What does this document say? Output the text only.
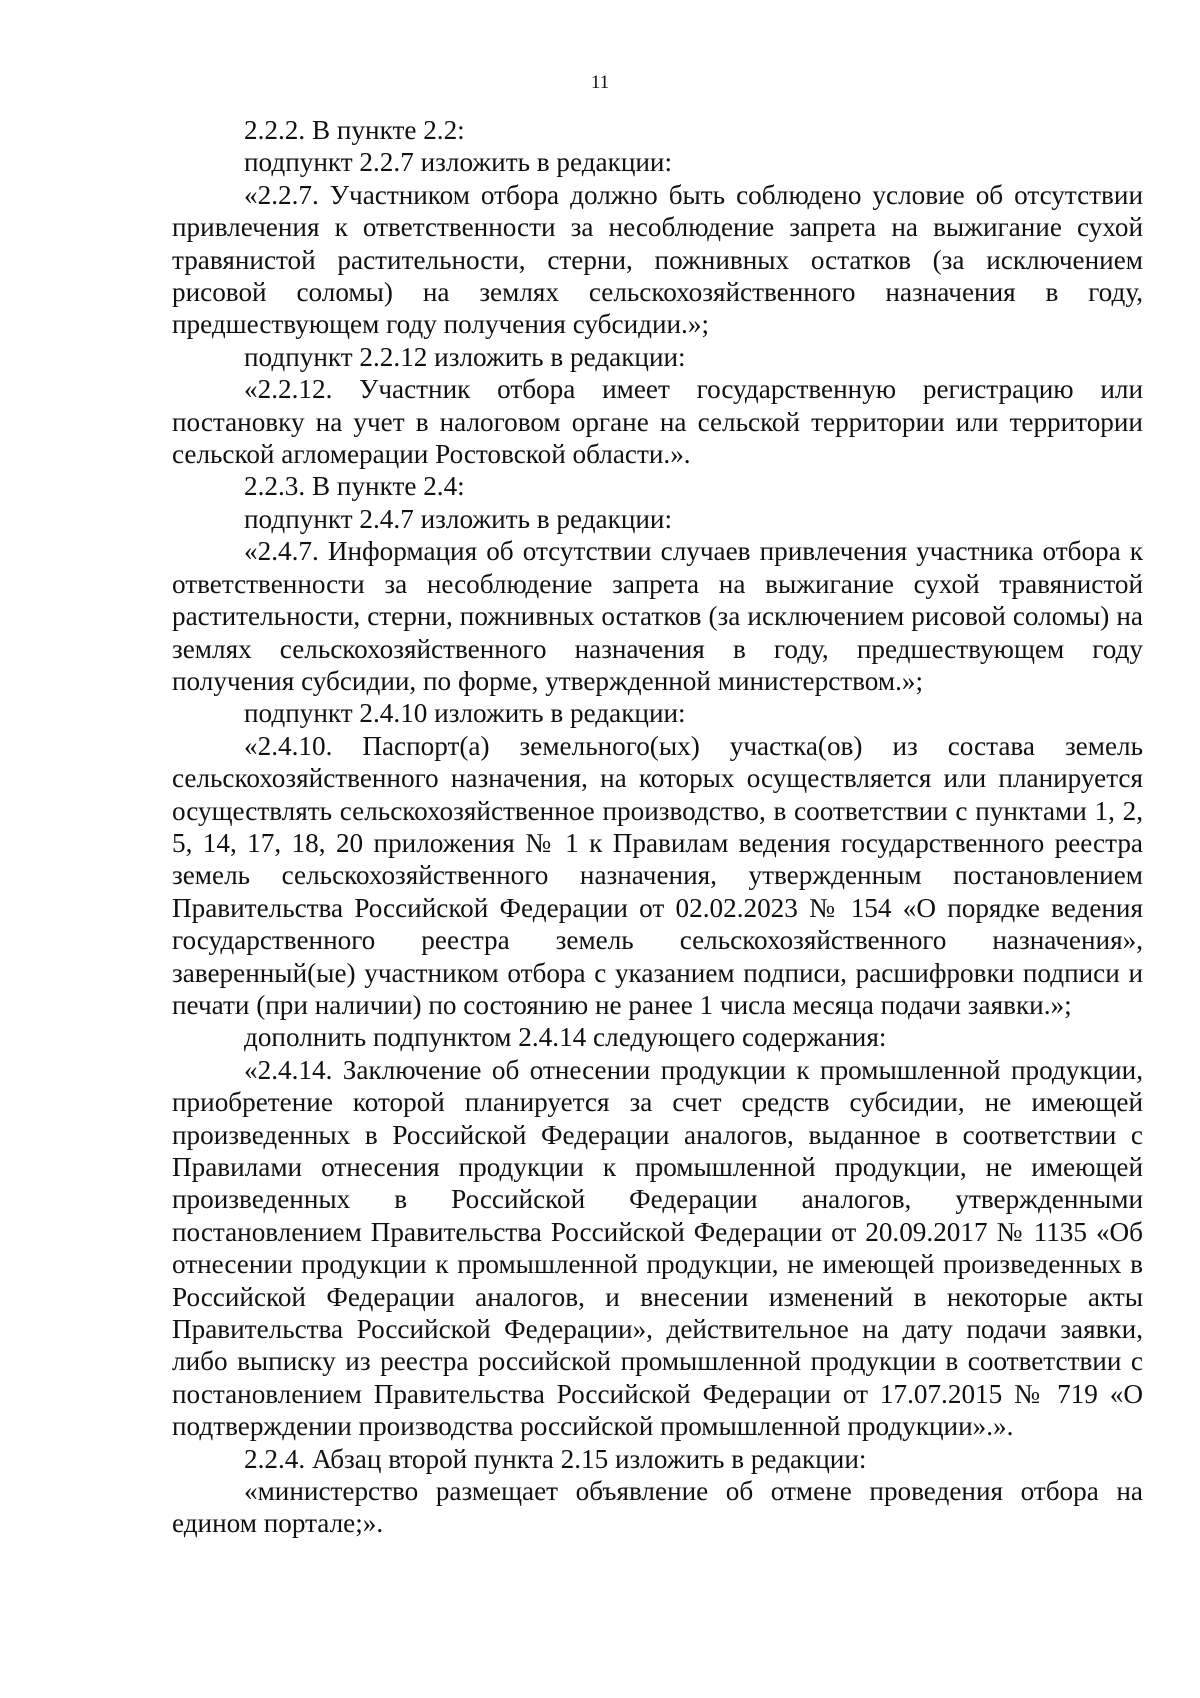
11

2.2.2. В пункте 2.2:

подпункт 2.2.7 изложить в редакции:

«2.2.7. Участником отбора должно быть соблюдено условие об отсутствии привлечения к ответственности за несоблюдение запрета на выжигание сухой травянистой растительности, стерни, пожнивных остатков (за исключением рисовой соломы) на землях сельскохозяйственного назначения в году, предшествующем году получения субсидии.»;

подпункт 2.2.12 изложить в редакции:

«2.2.12. Участник отбора имеет государственную регистрацию или постановку на учет в налоговом органе на сельской территории или территории сельской агломерации Ростовской области.».

2.2.3. В пункте 2.4:

подпункт 2.4.7 изложить в редакции:

«2.4.7. Информация об отсутствии случаев привлечения участника отбора к ответственности за несоблюдение запрета на выжигание сухой травянистой растительности, стерни, пожнивных остатков (за исключением рисовой соломы) на землях сельскохозяйственного назначения в году, предшествующем году получения субсидии, по форме, утвержденной министерством.»;

подпункт 2.4.10 изложить в редакции:

«2.4.10. Паспорт(а) земельного(ых) участка(ов) из состава земель сельскохозяйственного назначения, на которых осуществляется или планируется осуществлять сельскохозяйственное производство, в соответствии с пунктами 1, 2, 5, 14, 17, 18, 20 приложения № 1 к Правилам ведения государственного реестра земель сельскохозяйственного назначения, утвержденным постановлением Правительства Российской Федерации от 02.02.2023 № 154 «О порядке ведения государственного реестра земель сельскохозяйственного назначения», заверенный(ые) участником отбора с указанием подписи, расшифровки подписи и печати (при наличии) по состоянию не ранее 1 числа месяца подачи заявки.»;

дополнить подпунктом 2.4.14 следующего содержания:

«2.4.14. Заключение об отнесении продукции к промышленной продукции, приобретение которой планируется за счет средств субсидии, не имеющей произведенных в Российской Федерации аналогов, выданное в соответствии с Правилами отнесения продукции к промышленной продукции, не имеющей произведенных в Российской Федерации аналогов, утвержденными постановлением Правительства Российской Федерации от 20.09.2017 № 1135 «Об отнесении продукции к промышленной продукции, не имеющей произведенных в Российской Федерации аналогов, и внесении изменений в некоторые акты Правительства Российской Федерации», действительное на дату подачи заявки, либо выписку из реестра российской промышленной продукции в соответствии с постановлением Правительства Российской Федерации от 17.07.2015 № 719 «О подтверждении производства российской промышленной продукции».».

2.2.4. Абзац второй пункта 2.15 изложить в редакции:

«министерство размещает объявление об отмене проведения отбора на едином портале;».
